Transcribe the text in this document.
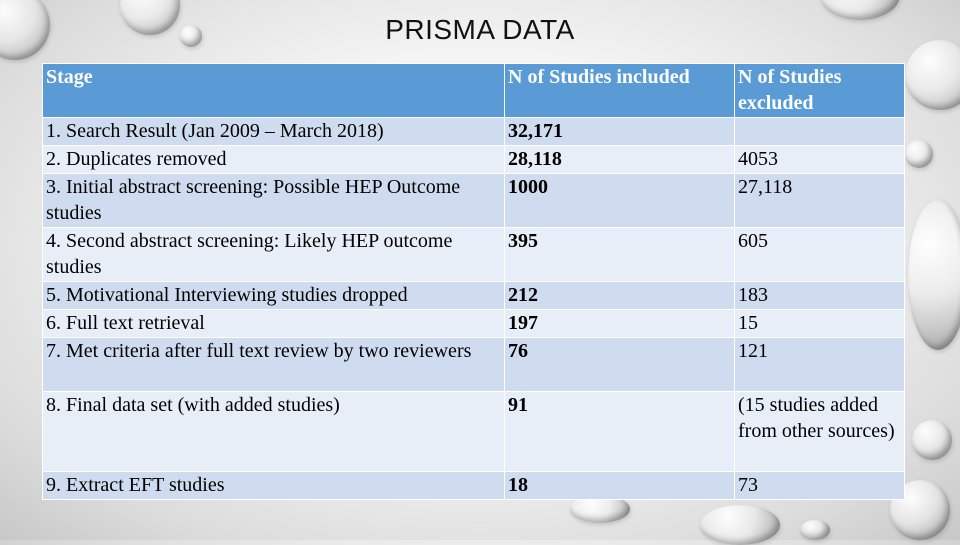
PRISMA DATA
Stage	N of Studies included	N of Studies excluded
1. Search Result (Jan 2009 – March 2018)	32,171	
2. Duplicates removed	28,118	4053
3. Initial abstract screening: Possible HEP Outcome studies	1000	27,118
4. Second abstract screening: Likely HEP outcome studies	395	605
5. Motivational Interviewing studies dropped	212	183
6. Full text retrieval	197	15
7. Met criteria after full text review by two reviewers	76	121
8. Final data set (with added studies)	91	(15 studies added from other sources)
9. Extract EFT studies	18	73
